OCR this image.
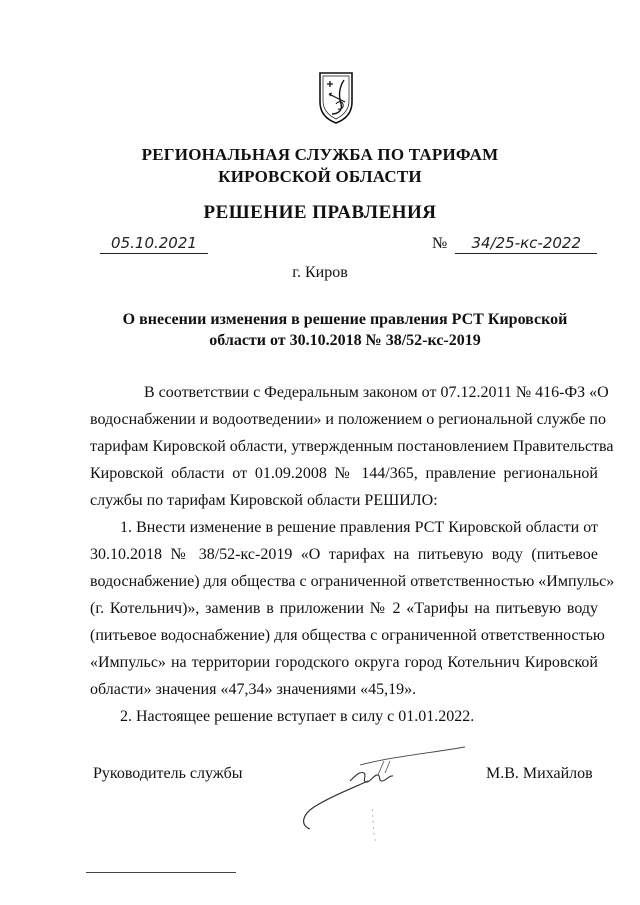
РЕГИОНАЛЬНАЯ СЛУЖБА ПО ТАРИФАМ
КИРОВСКОЙ ОБЛАСТИ
РЕШЕНИЕ ПРАВЛЕНИЯ
05.10.2021	№ 34/25-кс-2022
г. Киров
О внесении изменения в решение правления РСТ Кировской
области от 30.10.2018 № 38/52-кс-2019
В соответствии с Федеральным законом от 07.12.2011 № 416-ФЗ «О
водоснабжении и водоотведении» и положением о региональной службе по
тарифам Кировской области, утвержденным постановлением Правительства
Кировской области от 01.09.2008 № 144/365, правление региональной
службы по тарифам Кировской области РЕШИЛО:
1. Внести изменение в решение правления РСТ Кировской области от
30.10.2018 № 38/52-кс-2019 «О тарифах на питьевую воду (питьевое
водоснабжение) для общества с ограниченной ответственностью «Импульс»
(г. Котельнич)», заменив в приложении № 2 «Тарифы на питьевую воду
(питьевое водоснабжение) для общества с ограниченной ответственностью
«Импульс» на территории городского округа город Котельнич Кировской
области» значения «47,34» значениями «45,19».
2. Настоящее решение вступает в силу с 01.01.2022.
Руководитель службы	М.В. Михайлов
